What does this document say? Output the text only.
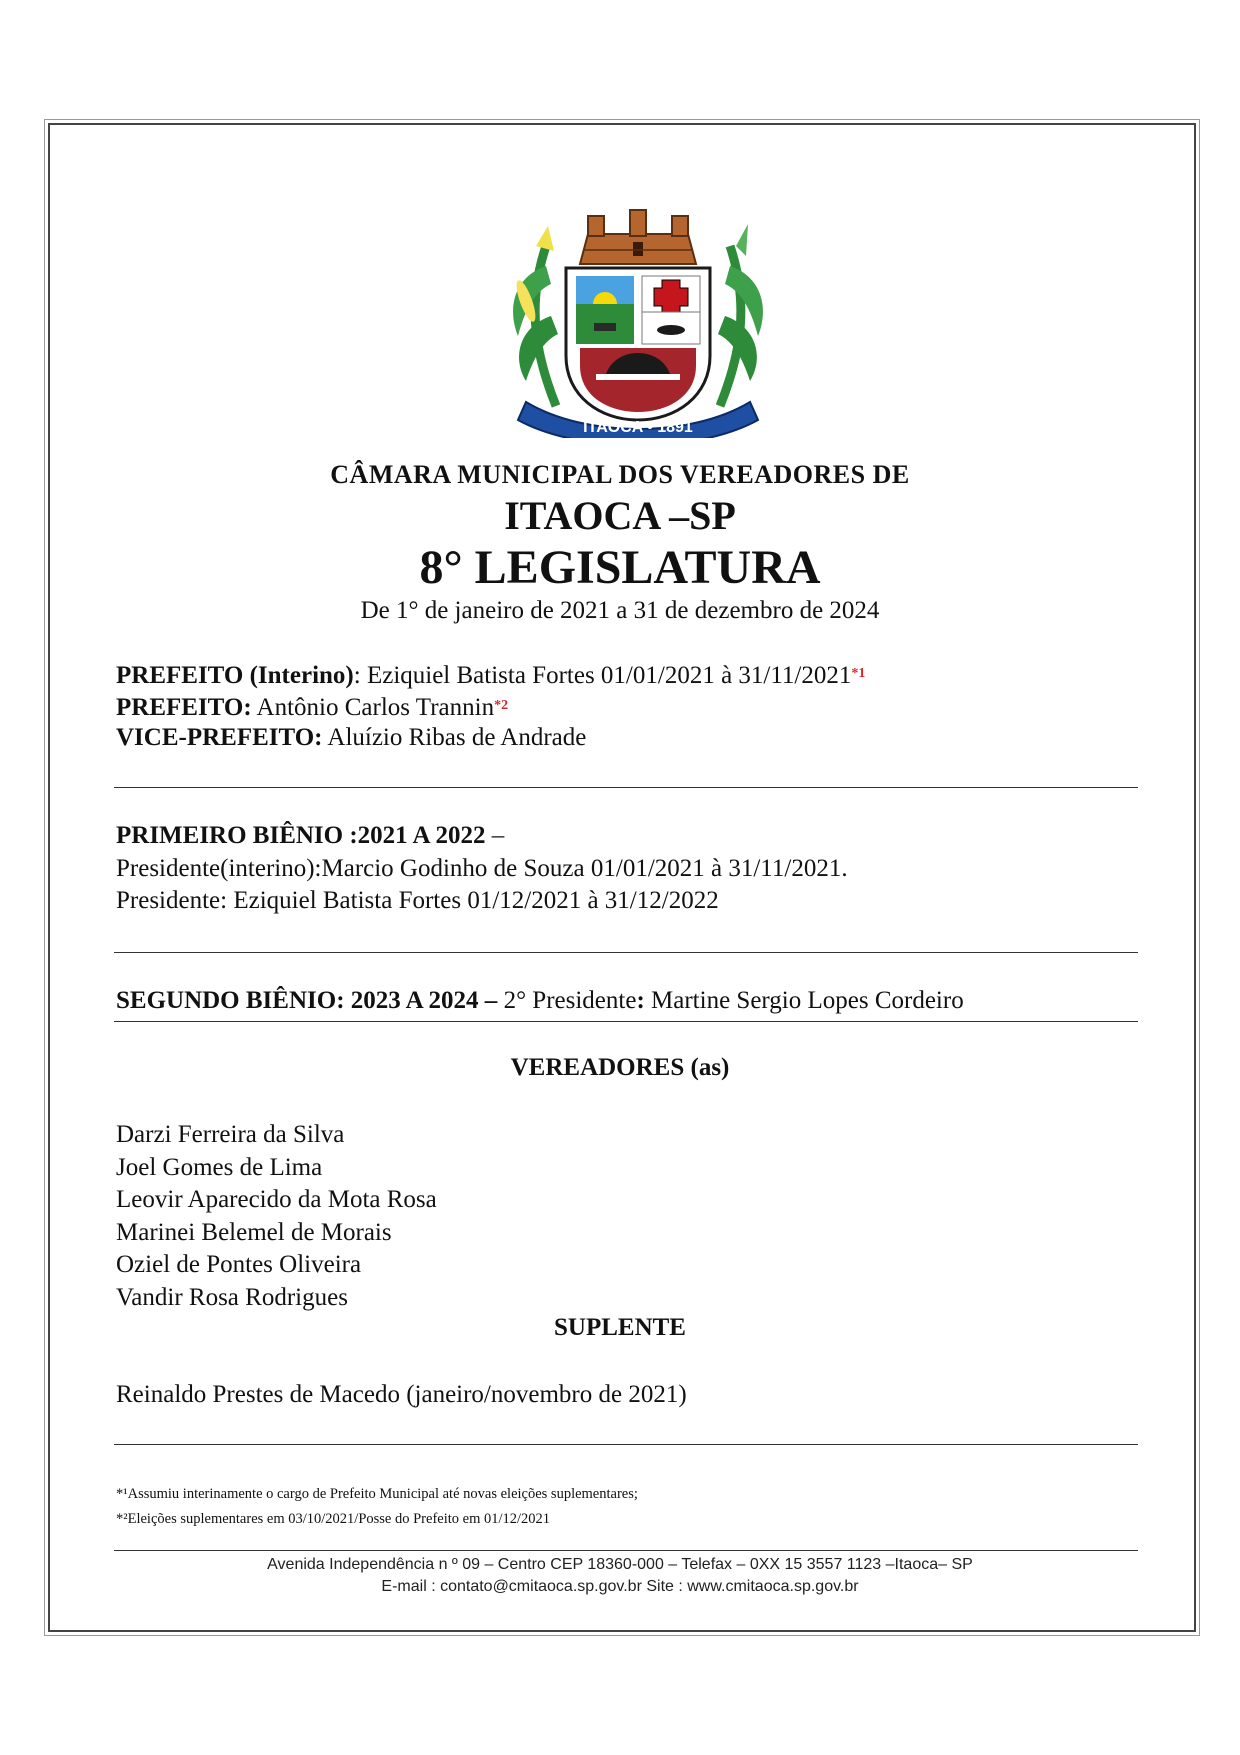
ITAOCA • 1891
CÂMARA MUNICIPAL DOS VEREADORES DE
ITAOCA –SP
8° LEGISLATURA
De 1° de janeiro de 2021 a 31 de dezembro de 2024
PREFEITO (Interino): Eziquiel Batista Fortes 01/01/2021 à 31/11/2021$^{*1}$
PREFEITO: Antônio Carlos Trannin$^{*2}$
VICE-PREFEITO: Aluízio Ribas de Andrade
PRIMEIRO BIÊNIO :2021 A 2022 –
Presidente(interino):Marcio Godinho de Souza 01/01/2021 à 31/11/2021.
Presidente: Eziquiel Batista Fortes 01/12/2021 à 31/12/2022
SEGUNDO BIÊNIO: 2023 A 2024 – 2° Presidente: Martine Sergio Lopes Cordeiro
VEREADORES (as)
Darzi Ferreira da Silva
Joel Gomes de Lima
Leovir Aparecido da Mota Rosa
Marinei Belemel de Morais
Oziel de Pontes Oliveira
Vandir Rosa Rodrigues
SUPLENTE
Reinaldo Prestes de Macedo (janeiro/novembro de 2021)
*¹Assumiu interinamente o cargo de Prefeito Municipal até novas eleições suplementares;
*²Eleições suplementares em 03/10/2021/Posse do Prefeito em 01/12/2021
Avenida Independência n º 09 – Centro CEP 18360-000 – Telefax – 0XX 15 3557 1123 –Itaoca– SP
E-mail : contato@cmitaoca.sp.gov.br Site : www.cmitaoca.sp.gov.br
